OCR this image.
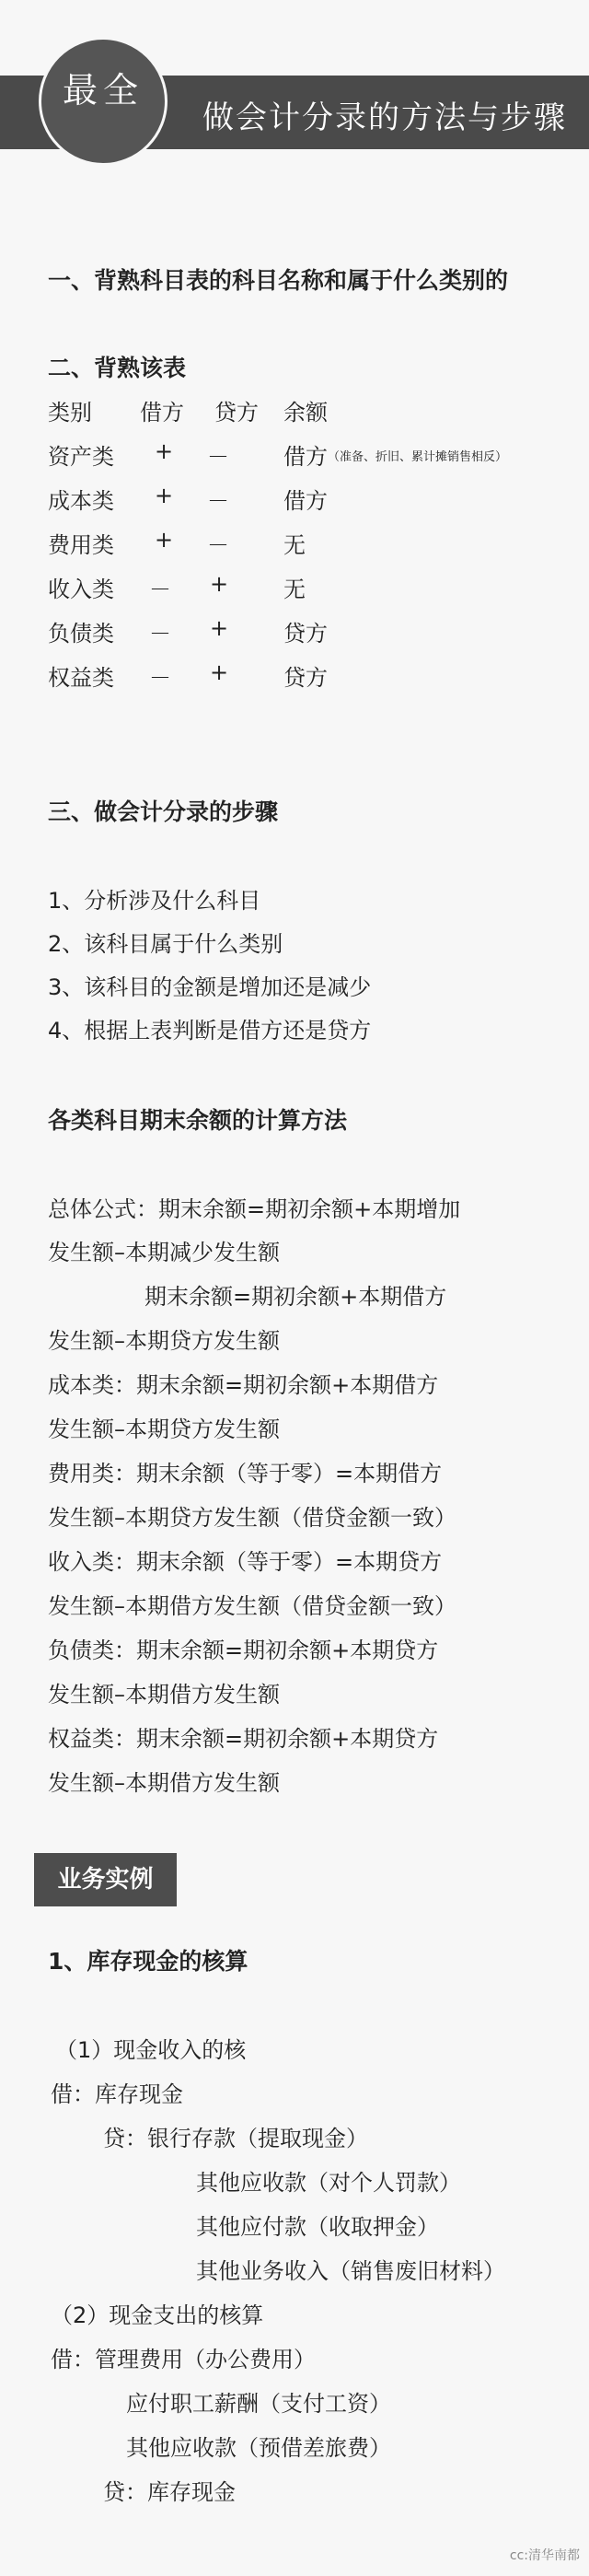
最全
做会计分录的方法与步骤
一、背熟科目表的科目名称和属于什么类别的
二、背熟该表
类别 借方 贷方 余额
资产类 + － 借方 （准备、折旧、累计摊销售相反）
成本类 + － 借方
费用类 + － 无
收入类 － + 无
负债类 － + 贷方
权益类 － + 贷方
三、做会计分录的步骤
1、分析涉及什么科目
2、该科目属于什么类别
3、该科目的金额是增加还是减少
4、根据上表判断是借方还是贷方
各类科目期末余额的计算方法
总体公式：期末余额=期初余额+本期增加
发生额–本期减少发生额
期末余额=期初余额+本期借方
发生额–本期贷方发生额
成本类：期末余额=期初余额+本期借方
发生额–本期贷方发生额
费用类：期末余额（等于零）=本期借方
发生额–本期贷方发生额（借贷金额一致）
收入类：期末余额（等于零）=本期贷方
发生额–本期借方发生额（借贷金额一致）
负债类：期末余额=期初余额+本期贷方
发生额–本期借方发生额
权益类：期末余额=期初余额+本期贷方
发生额–本期借方发生额
业务实例
1、库存现金的核算
（1）现金收入的核
借：库存现金
贷：银行存款（提取现金）
其他应收款（对个人罚款）
其他应付款（收取押金）
其他业务收入（销售废旧材料）
（2）现金支出的核算
借：管理费用（办公费用）
应付职工薪酬（支付工资）
其他应收款（预借差旅费）
贷：库存现金
cc:清华南都
